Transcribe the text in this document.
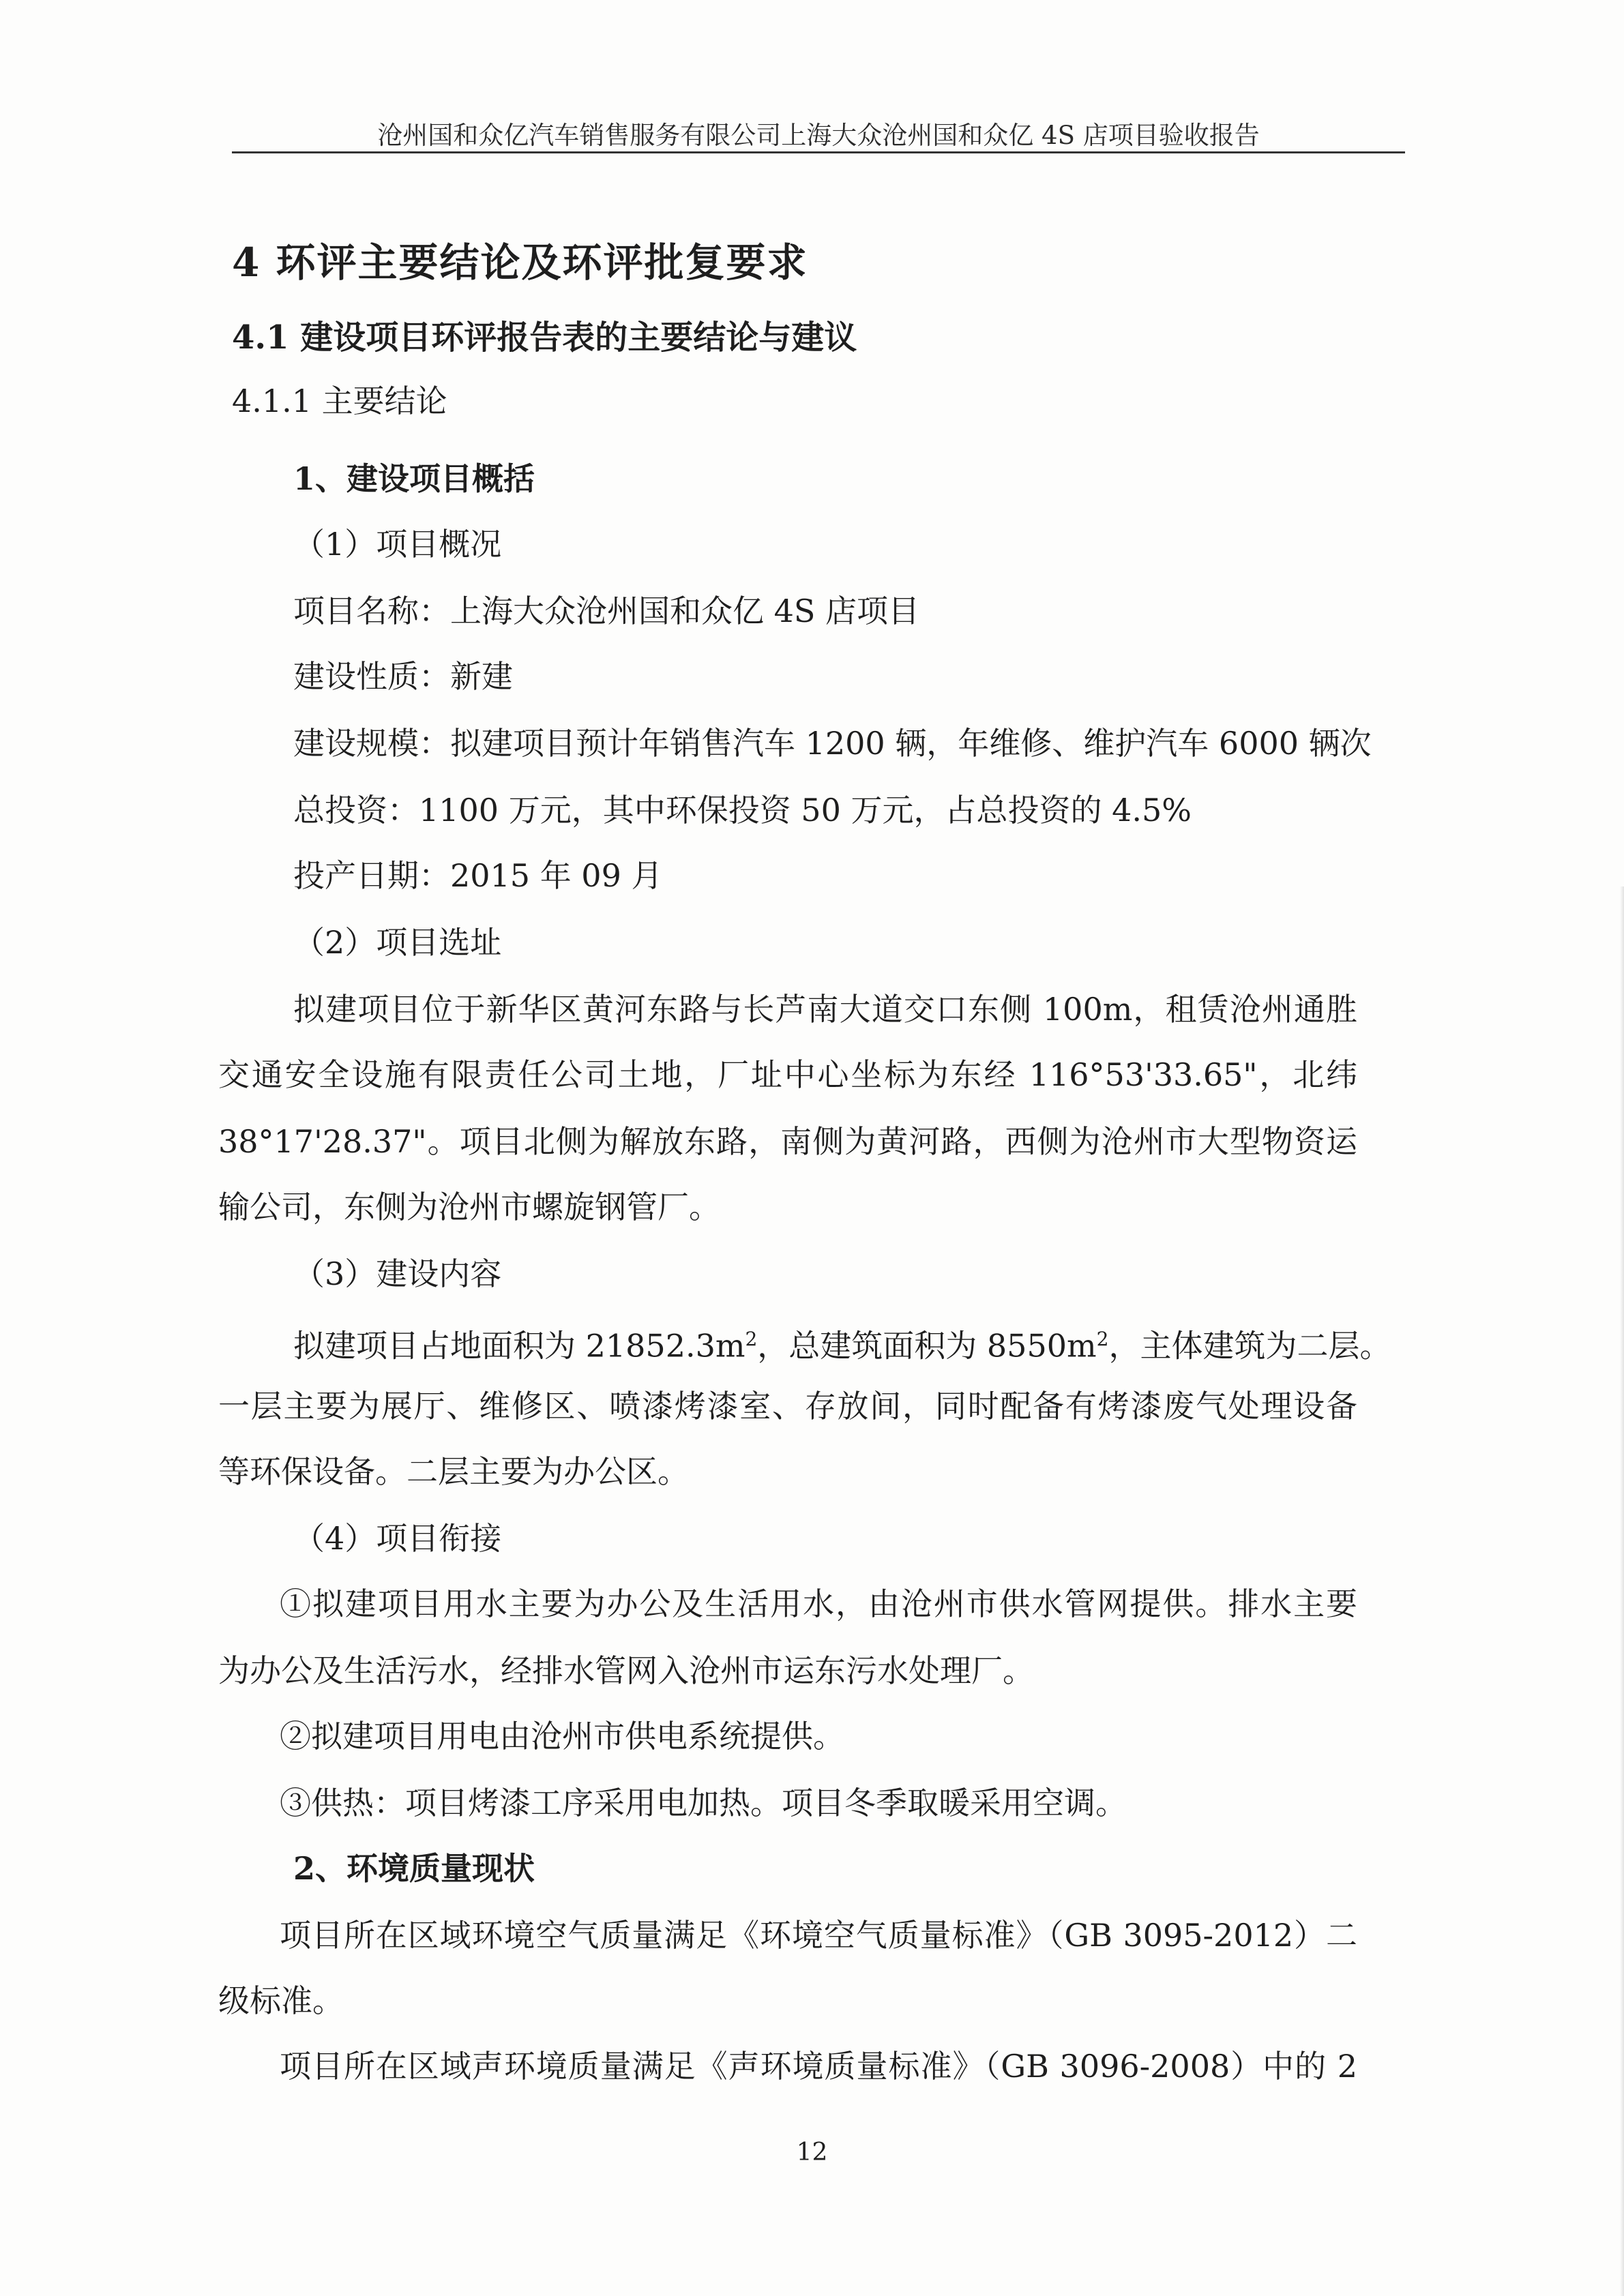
沧州国和众亿汽车销售服务有限公司上海大众沧州国和众亿 4S 店项目验收报告
4 环评主要结论及环评批复要求
4.1 建设项目环评报告表的主要结论与建议
4.1.1 主要结论
1、建设项目概括
（1）项目概况
项目名称：上海大众沧州国和众亿 4S 店项目
建设性质：新建
建设规模：拟建项目预计年销售汽车 1200 辆，年维修、维护汽车 6000 辆次
总投资：1100 万元，其中环保投资 50 万元，占总投资的 4.5%
投产日期：2015 年 09 月
（2）项目选址
拟建项目位于新华区黄河东路与长芦南大道交口东侧 100m，租赁沧州通胜
交通安全设施有限责任公司土地，厂址中心坐标为东经 116°53'33.65"，北纬
38°17'28.37"。项目北侧为解放东路，南侧为黄河路，西侧为沧州市大型物资运
输公司，东侧为沧州市螺旋钢管厂。
（3）建设内容
拟建项目占地面积为 $21852.3m^2$，总建筑面积为 $8550m^2$，主体建筑为二层。
一层主要为展厅、维修区、喷漆烤漆室、存放间，同时配备有烤漆废气处理设备
等环保设备。二层主要为办公区。
（4）项目衔接
①拟建项目用水主要为办公及生活用水，由沧州市供水管网提供。排水主要
为办公及生活污水，经排水管网入沧州市运东污水处理厂。
②拟建项目用电由沧州市供电系统提供。
③供热：项目烤漆工序采用电加热。项目冬季取暖采用空调。
2、环境质量现状
项目所在区域环境空气质量满足《环境空气质量标准》（GB 3095-2012）二
级标准。
项目所在区域声环境质量满足《声环境质量标准》（GB 3096-2008）中的 2
12
